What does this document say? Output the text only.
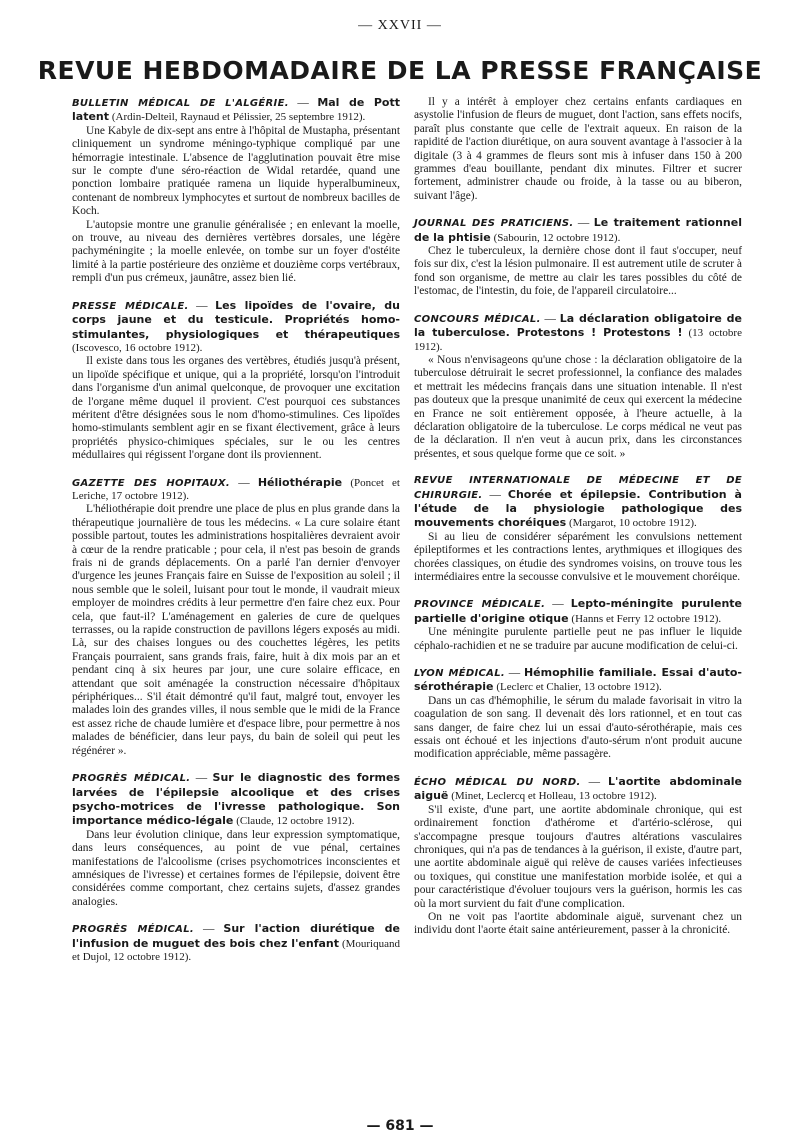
— XXVII —
REVUE HEBDOMADAIRE DE LA PRESSE FRANÇAISE

BULLETIN MÉDICAL DE L'ALGÉRIE. — Mal de Pott latent (Ardin-Delteil, Raynaud et Pélissier, 25 septembre 1912).

Une Kabyle de dix-sept ans entre à l'hôpital de Mustapha, présentant cliniquement un syndrome méningo-typhique compliqué par une hémorragie intestinale. L'absence de l'agglutination pouvait être mise sur le compte d'une séro-réaction de Widal retardée, quand une ponction lombaire pratiquée ramena un liquide hyperalbumineux, contenant de nombreux lymphocytes et surtout de nombreux bacilles de Koch.

L'autopsie montre une granulie généralisée ; en enlevant la moelle, on trouve, au niveau des dernières vertèbres dorsales, une légère pachyméningite ; la moelle enlevée, on tombe sur un foyer d'ostéite limité à la partie postérieure des onzième et douzième corps vertébraux, rempli d'un pus crémeux, jaunâtre, assez bien lié.

PRESSE MÉDICALE. — Les lipoïdes de l'ovaire, du corps jaune et du testicule. Propriétés homo-stimulantes, physiologiques et thérapeutiques (Iscovesco, 16 octobre 1912).

Il existe dans tous les organes des vertèbres, étudiés jusqu'à présent, un lipoïde spécifique et unique, qui a la propriété, lorsqu'on l'introduit dans l'organisme d'un animal quelconque, de provoquer une excitation de l'organe même duquel il provient. C'est pourquoi ces substances méritent d'être désignées sous le nom d'homo-stimulines. Ces lipoïdes homo-stimulants semblent agir en se fixant électivement, grâce à leurs propriétés physico-chimiques spéciales, sur le ou les centres médullaires qui régissent l'organe dont ils proviennent.

GAZETTE DES HOPITAUX. — Héliothérapie (Poncet et Leriche, 17 octobre 1912).

L'héliothérapie doit prendre une place de plus en plus grande dans la thérapeutique journalière de tous les médecins. « La cure solaire étant possible partout, toutes les administrations hospitalières devraient avoir à cœur de la rendre praticable ; pour cela, il n'est pas besoin de grands frais ni de grands déplacements. On a parlé l'an dernier d'envoyer d'urgence les jeunes Français faire en Suisse de l'exposition au soleil ; il nous semble que le soleil, luisant pour tout le monde, il vaudrait mieux employer de moindres crédits à leur permettre d'en faire chez eux. Pour cela, que faut-il? L'aménagement en galeries de cure de quelques terrasses, ou la rapide construction de pavillons légers exposés au midi. Là, sur des chaises longues ou des couchettes légères, les petits Français pourraient, sans grands frais, faire, huit à dix mois par an et pendant cinq à six heures par jour, une cure solaire efficace, en attendant que soit aménagée la construction nécessaire d'hôpitaux périphériques... S'il était démontré qu'il faut, malgré tout, envoyer les malades loin des grandes villes, il nous semble que le midi de la France est assez riche de chaude lumière et d'espace libre, pour permettre à nos malades de bénéficier, dans leur pays, du bain de soleil qui peut les régénérer ».

PROGRÈS MÉDICAL. — Sur le diagnostic des formes larvées de l'épilepsie alcoolique et des crises psycho-motrices de l'ivresse pathologique. Son importance médico-légale (Claude, 12 octobre 1912).

Dans leur évolution clinique, dans leur expression symptomatique, dans leurs conséquences, au point de vue pénal, certaines manifestations de l'alcoolisme (crises psychomotrices inconscientes et amnésiques de l'ivresse) et certaines formes de l'épilepsie, doivent être considérées comme comportant, chez certains sujets, d'assez grandes analogies.

PROGRÈS MÉDICAL. — Sur l'action diurétique de l'infusion de muguet des bois chez l'enfant (Mouriquand et Dujol, 12 octobre 1912).

Il y a intérêt à employer chez certains enfants cardiaques en asystolie l'infusion de fleurs de muguet, dont l'action, sans effets nocifs, paraît plus constante que celle de l'extrait aqueux. En raison de la rapidité de l'action diurétique, on aura souvent avantage à l'associer à la digitale (3 à 4 grammes de fleurs sont mis à infuser dans 150 à 200 grammes d'eau bouillante, pendant dix minutes. Filtrer et sucrer fortement, administrer chaude ou froide, à la tasse ou au biberon, suivant l'âge).

JOURNAL DES PRATICIENS. — Le traitement rationnel de la phtisie (Sabourin, 12 octobre 1912).

Chez le tuberculeux, la dernière chose dont il faut s'occuper, neuf fois sur dix, c'est la lésion pulmonaire. Il est autrement utile de scruter à fond son organisme, de mettre au clair les tares possibles du côté de l'estomac, de l'intestin, du foie, de l'appareil circulatoire...

CONCOURS MÉDICAL. — La déclaration obligatoire de la tuberculose. Protestons ! Protestons ! (13 octobre 1912).

« Nous n'envisageons qu'une chose : la déclaration obligatoire de la tuberculose détruirait le secret professionnel, la confiance des malades et mettrait les médecins français dans une situation intenable. Il n'est pas douteux que la presque unanimité de ceux qui exercent la médecine en France ne soit entièrement opposée, à l'heure actuelle, à la déclaration obligatoire de la tuberculose. Le corps médical ne veut pas de la déclaration. Il n'en veut à aucun prix, dans les circonstances présentes, et sous quelque forme que ce soit. »

REVUE INTERNATIONALE DE MÉDECINE ET DE CHIRURGIE. — Chorée et épilepsie. Contribution à l'étude de la physiologie pathologique des mouvements choréiques (Margarot, 10 octobre 1912).

Si au lieu de considérer séparément les convulsions nettement épileptiformes et les contractions lentes, arythmiques et illogiques des chorées classiques, on étudie des syndromes voisins, on trouve tous les intermédiaires entre la secousse convulsive et le mouvement choréique.

PROVINCE MÉDICALE. — Lepto-méningite purulente partielle d'origine otique (Hanns et Ferry 12 octobre 1912).

Une méningite purulente partielle peut ne pas influer le liquide céphalo-rachidien et ne se traduire par aucune modification de celui-ci.

LYON MÉDICAL. — Hémophilie familiale. Essai d'auto-sérothérapie (Leclerc et Chalier, 13 octobre 1912).

Dans un cas d'hémophilie, le sérum du malade favorisait in vitro la coagulation de son sang. Il devenait dès lors rationnel, et en tout cas sans danger, de faire chez lui un essai d'auto-sérothérapie, mais ces essais ont échoué et les injections d'auto-sérum n'ont produit aucune modification appréciable, même passagère.

ÉCHO MÉDICAL DU NORD. — L'aortite abdominale aiguë (Minet, Leclercq et Holleau, 13 octobre 1912).

S'il existe, d'une part, une aortite abdominale chronique, qui est ordinairement fonction d'athérome et d'artério-sclérose, qui s'accompagne presque toujours d'autres altérations vasculaires chroniques, qui n'a pas de tendances à la guérison, il existe, d'autre part, une aortite abdominale aiguë qui relève de causes variées infectieuses ou toxiques, qui constitue une manifestation morbide isolée, et qui a pour caractéristique d'évoluer toujours vers la guérison, hormis les cas où la mort survient du fait d'une complication.

On ne voit pas l'aortite abdominale aiguë, survenant chez un individu dont l'aorte était saine antérieurement, passer à la chronicité.

— 681 —
